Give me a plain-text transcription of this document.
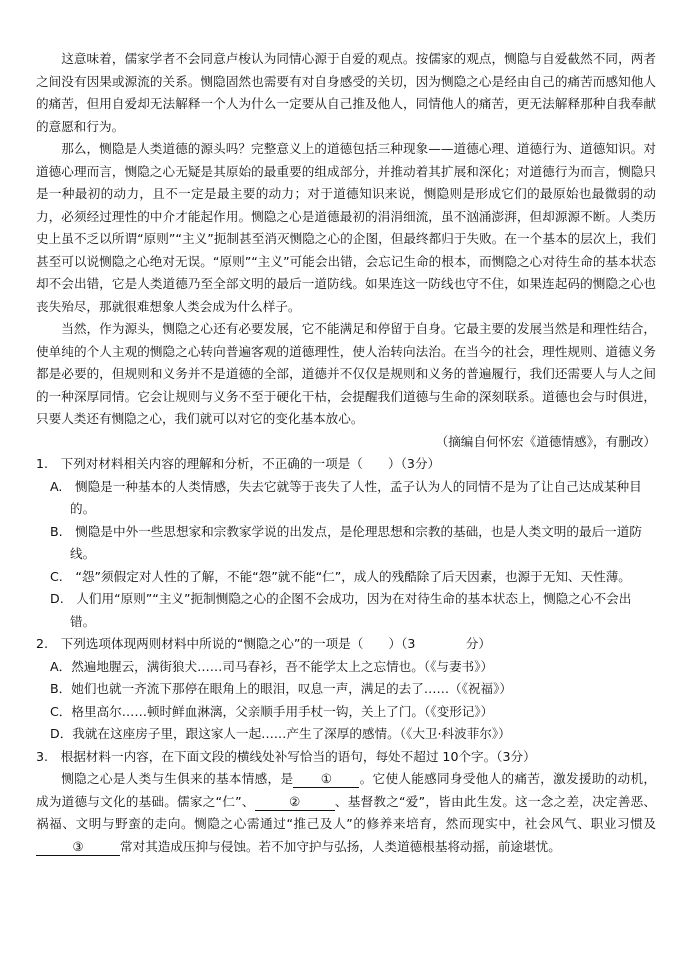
这意味着，儒家学者不会同意卢梭认为同情心源于自爱的观点。按儒家的观点，恻隐与自爱截然不同，两者之间没有因果或源流的关系。恻隐固然也需要有对自身感受的关切，因为恻隐之心是经由自己的痛苦而感知他人的痛苦，但用自爱却无法解释一个人为什么一定要从自己推及他人，同情他人的痛苦，更无法解释那种自我奉献的意愿和行为。

那么，恻隐是人类道德的源头吗？完整意义上的道德包括三种现象——道德心理、道德行为、道德知识。对道德心理而言，恻隐之心无疑是其原始的最重要的组成部分，并推动着其扩展和深化；对道德行为而言，恻隐只是一种最初的动力，且不一定是最主要的动力；对于道德知识来说，恻隐则是形成它们的最原始也最微弱的动力，必须经过理性的中介才能起作用。恻隐之心是道德最初的涓涓细流，虽不汹涌澎湃，但却源源不断。人类历史上虽不乏以所谓“原则”“主义”扼制甚至消灭恻隐之心的企图，但最终都归于失败。在一个基本的层次上，我们甚至可以说恻隐之心绝对无误。“原则”“主义”可能会出错，会忘记生命的根本，而恻隐之心对待生命的基本状态却不会出错，它是人类道德乃至全部文明的最后一道防线。如果连这一防线也守不住，如果连起码的恻隐之心也丧失殆尽，那就很难想象人类会成为什么样子。

当然，作为源头，恻隐之心还有必要发展，它不能满足和停留于自身。它最主要的发展当然是和理性结合，使单纯的个人主观的恻隐之心转向普遍客观的道德理性，使人治转向法治。在当今的社会，理性规则、道德义务都是必要的，但规则和义务并不是道德的全部，道德并不仅仅是规则和义务的普遍履行，我们还需要人与人之间的一种深厚同情。它会让规则与义务不至于硬化干枯，会提醒我们道德与生命的深刻联系。道德也会与时俱进，只要人类还有恻隐之心，我们就可以对它的变化基本放心。

（摘编自何怀宏《道德情感》，有删改）

1.　下列对材料相关内容的理解和分析，不正确的一项是（　　）（3分）

A.　恻隐是一种基本的人类情感，失去它就等于丧失了人性，孟子认为人的同情不是为了让自己达成某种目的。

B.　恻隐是中外一些思想家和宗教家学说的出发点，是伦理思想和宗教的基础，也是人类文明的最后一道防线。

C.　“怨”须假定对人性的了解，不能“怨”就不能“仁”，成人的残酷除了后天因素，也源于无知、天性薄。

D.　人们用“原则”“主义”扼制恻隐之心的企图不会成功，因为在对待生命的基本状态上，恻隐之心不会出错。

2.　下列选项体现两则材料中所说的“恻隐之心”的一项是（　　）（3　　　　分）

A．然遍地腥云，满街狼犬……司马春衫，吾不能学太上之忘情也。（《与妻书》）

B．她们也就一齐流下那停在眼角上的眼泪，叹息一声，满足的去了……（《祝福》）

C．格里高尔……顿时鲜血淋漓，父亲顺手用手杖一钩，关上了门。（《变形记》）

D．我就在这座房子里，跟这家人一起……产生了深厚的感情。（《大卫·科波菲尔》）

3.　根据材料一内容，在下面文段的横线处补写恰当的语句，每处不超过 10个字。（3分）

恻隐之心是人类与生俱来的基本情感，是 ① 。它使人能感同身受他人的痛苦，激发援助的动机，成为道德与文化的基础。儒家之“仁”、	②	、基督教之“爱”，皆由此生发。这一念之差，决定善恶、祸福、文明与野蛮的走向。恻隐之心需通过“推己及人”的修养来培育，然而现实中，社会风气、职业习惯及③	常对其造成压抑与侵蚀。若不加守护与弘扬，人类道德根基将动摇，前途堪忧。
